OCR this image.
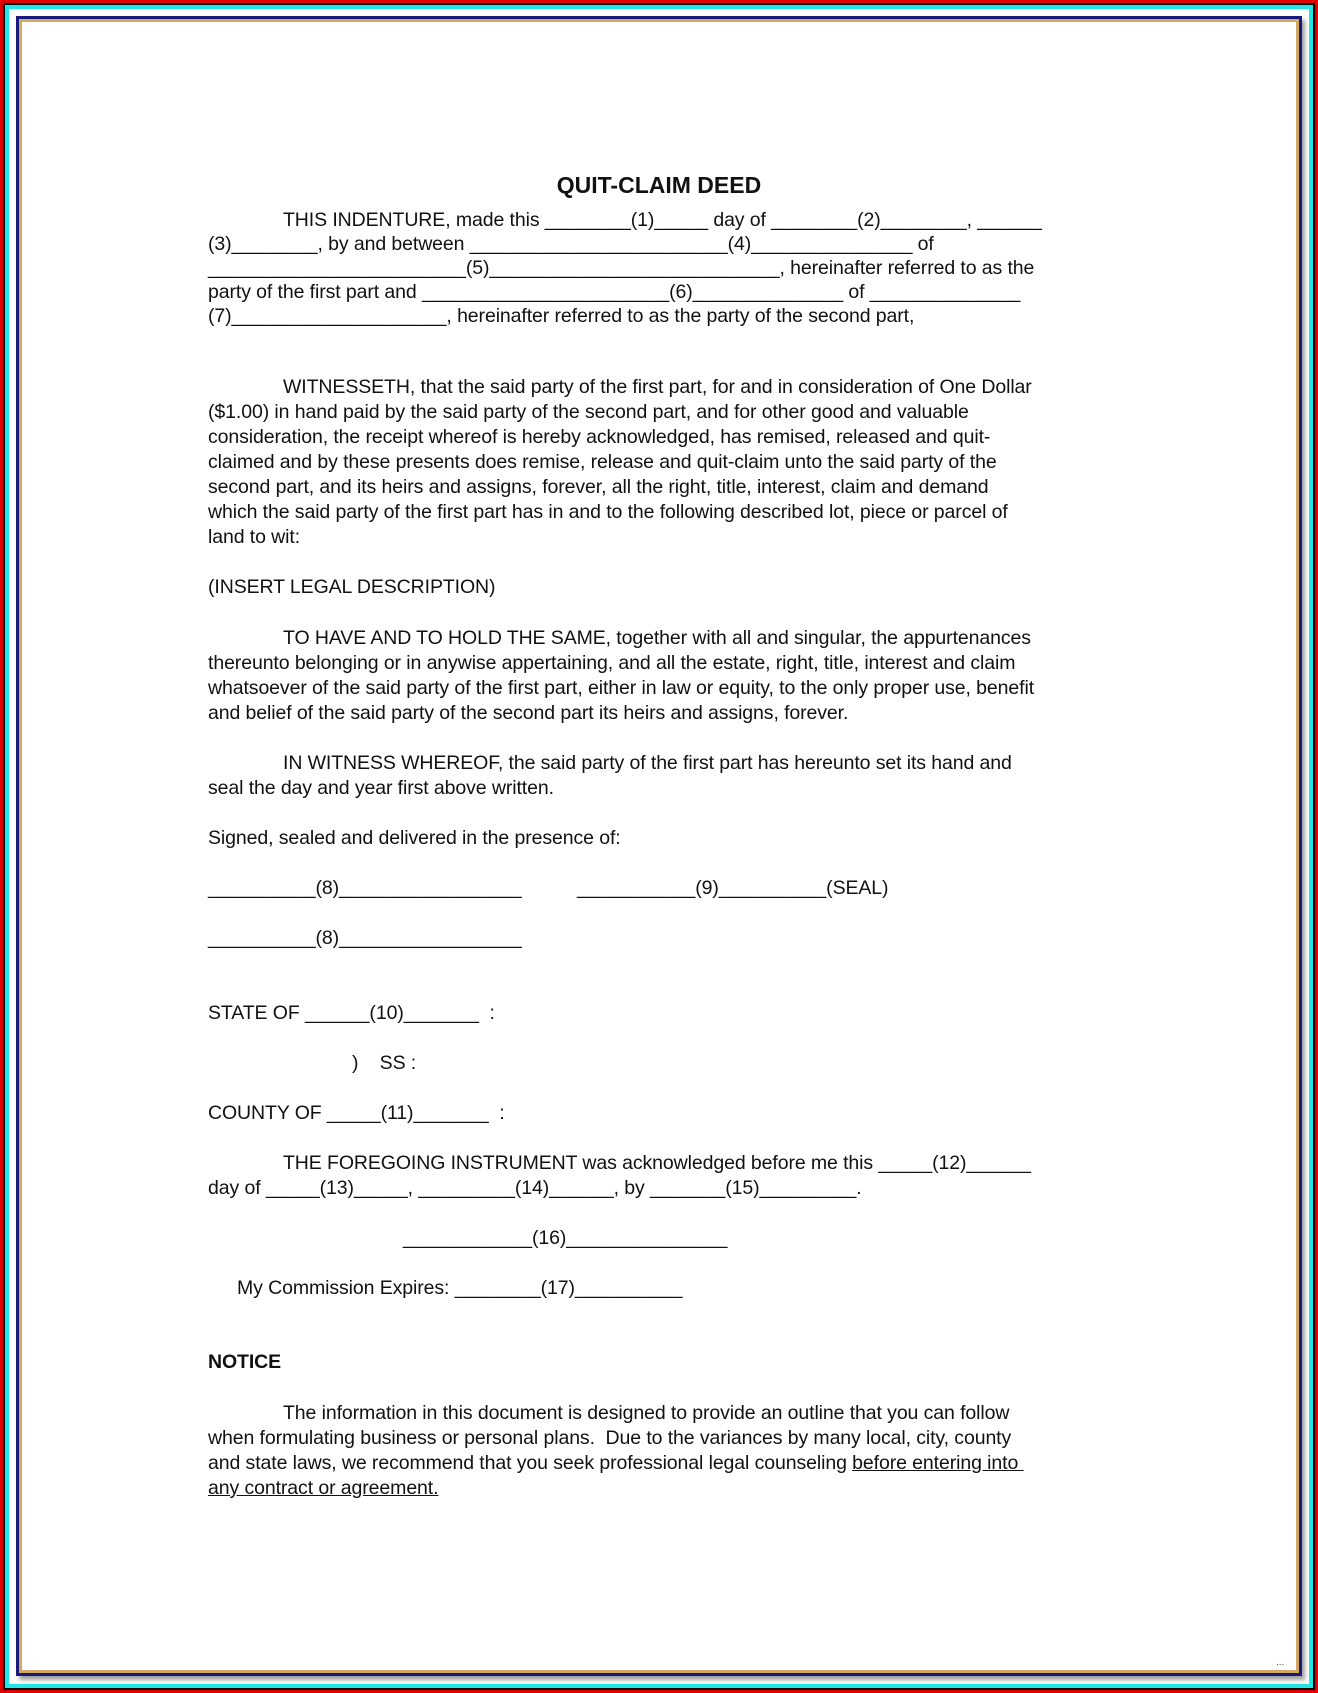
QUIT-CLAIM DEED
THIS INDENTURE, made this ________(1)_____ day of ________(2)________, ______
(3)________, by and between ________________________(4)_______________ of
________________________(5)___________________________, hereinafter referred to as the
party of the first part and _______________________(6)______________ of ______________
(7)____________________, hereinafter referred to as the party of the second part,
WITNESSETH, that the said party of the first part, for and in consideration of One Dollar
($1.00) in hand paid by the said party of the second part, and for other good and valuable
consideration, the receipt whereof is hereby acknowledged, has remised, released and quit-
claimed and by these presents does remise, release and quit-claim unto the said party of the
second part, and its heirs and assigns, forever, all the right, title, interest, claim and demand
which the said party of the first part has in and to the following described lot, piece or parcel of
land to wit:
(INSERT LEGAL DESCRIPTION)
TO HAVE AND TO HOLD THE SAME, together with all and singular, the appurtenances
thereunto belonging or in anywise appertaining, and all the estate, right, title, interest and claim
whatsoever of the said party of the first part, either in law or equity, to the only proper use, benefit
and belief of the said party of the second part its heirs and assigns, forever.
IN WITNESS WHEREOF, the said party of the first part has hereunto set its hand and
seal the day and year first above written.
Signed, sealed and delivered in the presence of:
__________(8)_________________	___________(9)__________(SEAL)
__________(8)_________________
STATE OF ______(10)_______  :
)    SS :
COUNTY OF _____(11)_______  :
THE FOREGOING INSTRUMENT was acknowledged before me this _____(12)______
day of _____(13)_____, _________(14)______, by _______(15)_________.
____________(16)_______________
My Commission Expires: ________(17)__________
NOTICE
The information in this document is designed to provide an outline that you can follow
when formulating business or personal plans.  Due to the variances by many local, city, county
and state laws, we recommend that you seek professional legal counseling before entering into
any contract or agreement.
...
